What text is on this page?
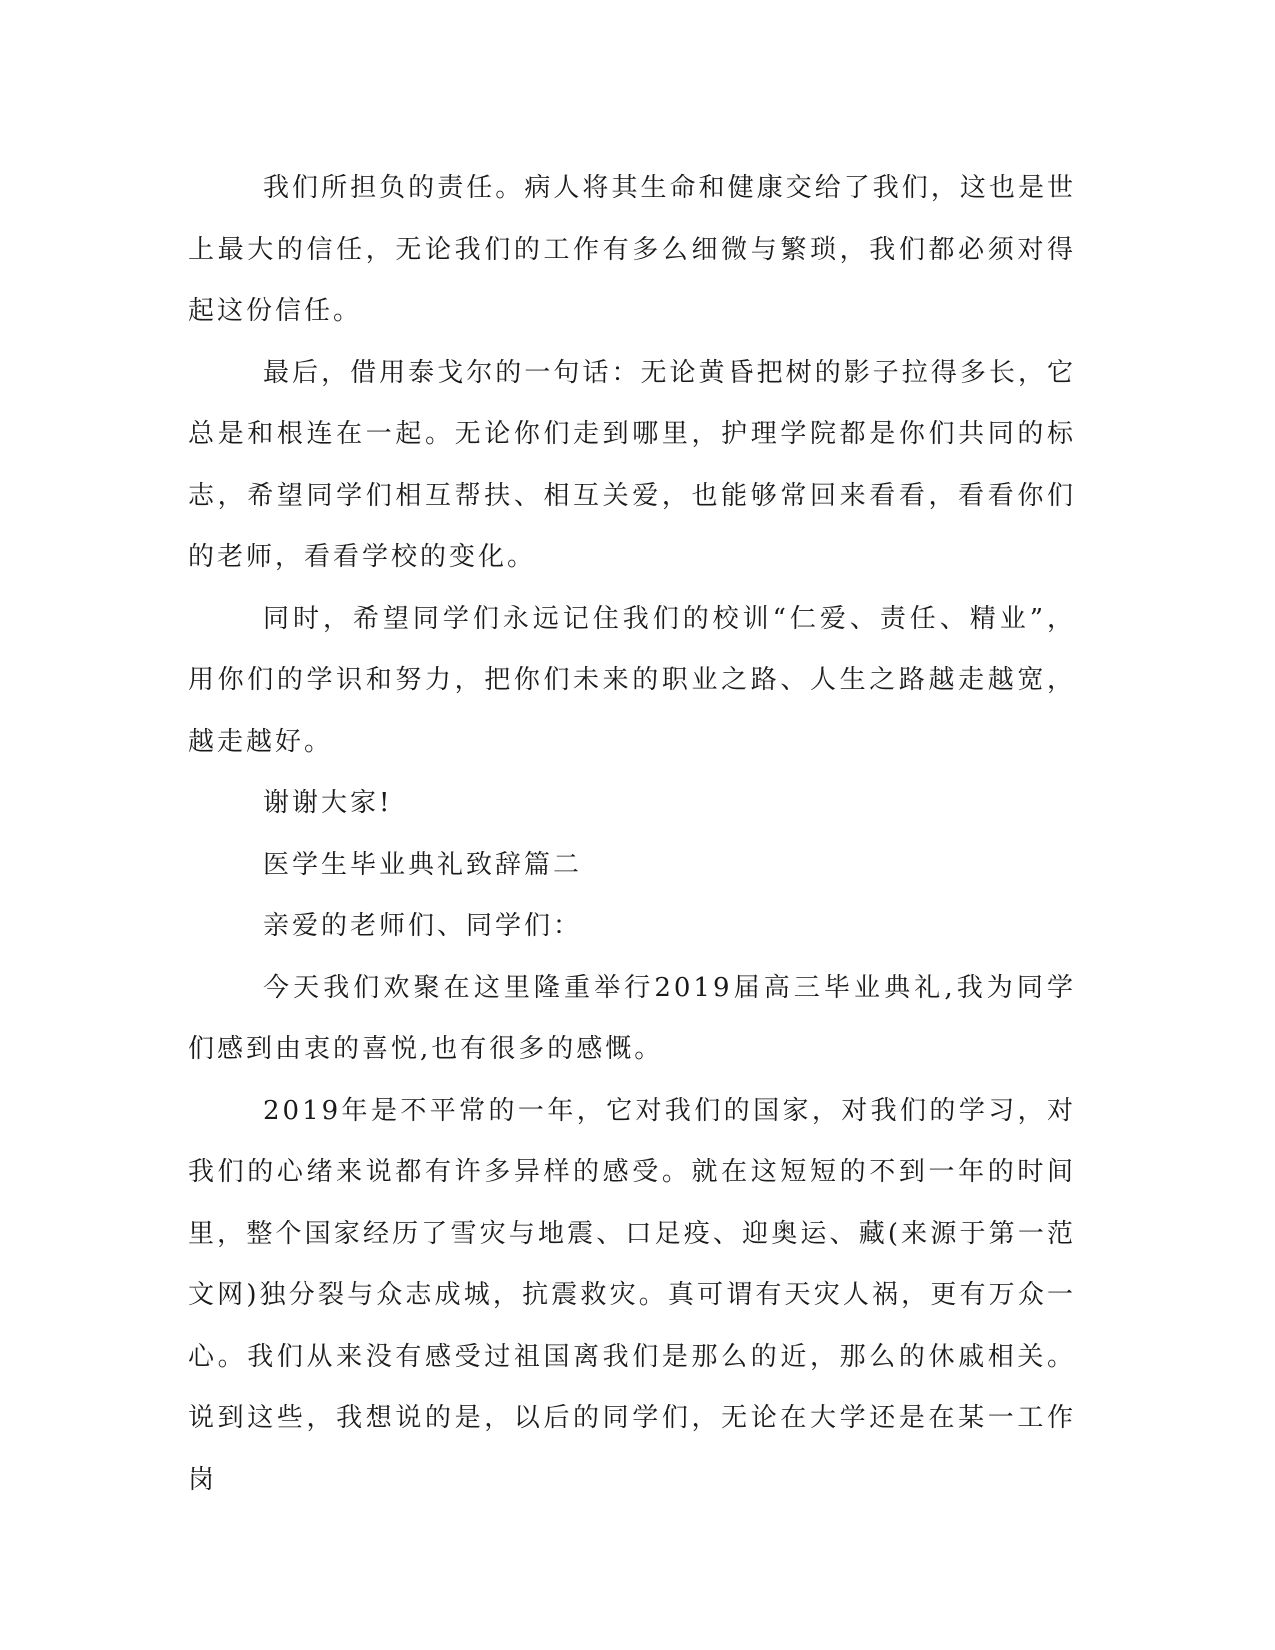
我们所担负的责任。病人将其生命和健康交给了我们，这也是世上最大的信任，无论我们的工作有多么细微与繁琐，我们都必须对得起这份信任。

最后，借用泰戈尔的一句话：无论黄昏把树的影子拉得多长，它总是和根连在一起。无论你们走到哪里，护理学院都是你们共同的标志，希望同学们相互帮扶、相互关爱，也能够常回来看看，看看你们的老师，看看学校的变化。

同时，希望同学们永远记住我们的校训“仁爱、责任、精业”，用你们的学识和努力，把你们未来的职业之路、人生之路越走越宽，越走越好。

谢谢大家!

医学生毕业典礼致辞篇二

亲爱的老师们、同学们：

今天我们欢聚在这里隆重举行2019届高三毕业典礼,我为同学们感到由衷的喜悦,也有很多的感慨。

2019年是不平常的一年，它对我们的国家，对我们的学习，对我们的心绪来说都有许多异样的感受。就在这短短的不到一年的时间里，整个国家经历了雪灾与地震、口足疫、迎奥运、藏(来源于第一范文网)独分裂与众志成城，抗震救灾。真可谓有天灾人祸，更有万众一心。我们从来没有感受过祖国离我们是那么的近，那么的休戚相关。说到这些，我想说的是，以后的同学们，无论在大学还是在某一工作岗
